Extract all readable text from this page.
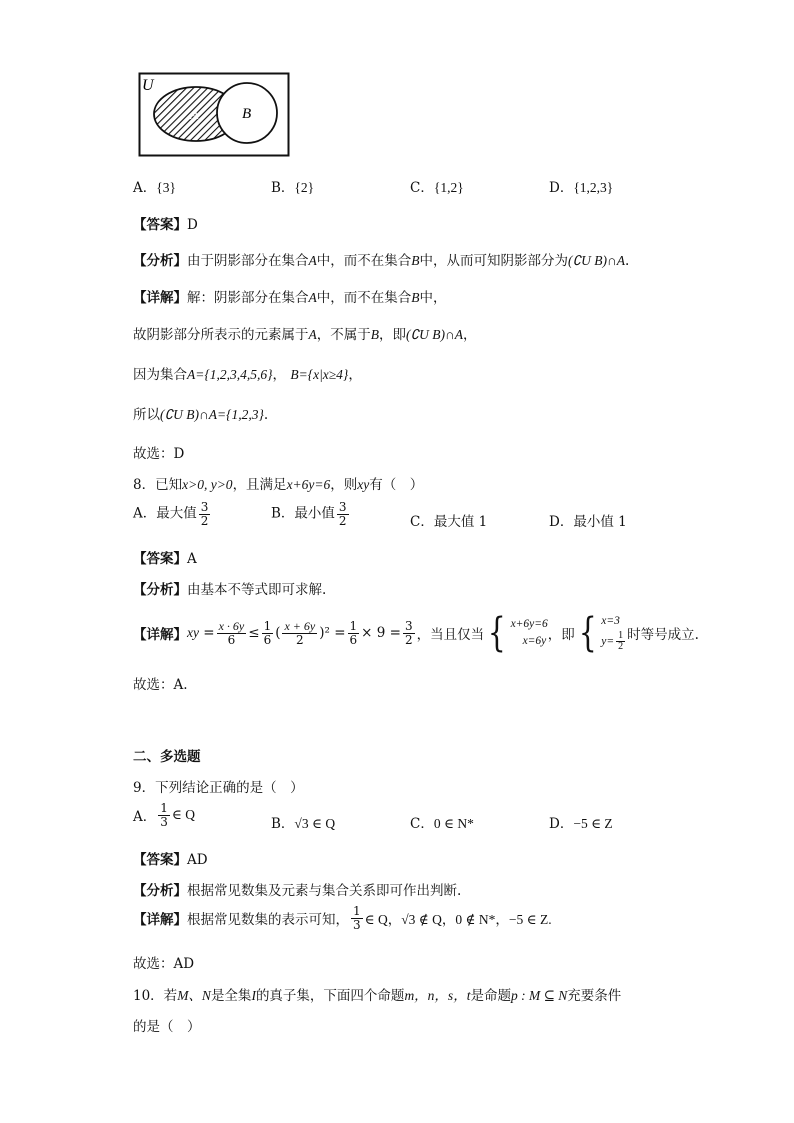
U
A	B
A．{3}	B．{2}	C．{1,2}	D．{1,2,3}
【答案】D
【分析】由于阴影部分在集合A中，而不在集合B中，从而可知阴影部分为(∁U B)∩A.
【详解】解：阴影部分在集合A中，而不在集合B中，
故阴影部分所表示的元素属于A，不属于B，即(∁U B)∩A，
因为集合A={1,2,3,4,5,6}， B={x|x≥4}，
所以(∁U B)∩A={1,2,3}.
故选：D
8．已知x>0, y>0，且满足x+6y=6，则xy有（　）
A．最大值 $\frac{3}{2}$	B．最小值 $\frac{3}{2}$	C．最大值 1	D．最小值 1
【答案】A
【分析】由基本不等式即可求解.
【详解】 xy = $\frac{x \cdot 6y}{6} \le \frac{1}{6}$ ( $\frac{x + 6y}{2} )^2 = \frac{1}{6} \times 9 = \frac{3}{2}$ ，当且仅当 { x+6y=6
x=6y ，即 { x=3
$y= \frac{1}{2}$ 时等号成立.
故选：A.
二、多选题
9．下列结论正确的是（　）
A． $\frac{1}{3}$ ∈ Q
B．√3 ∈ Q	C．0 ∈ N*	D．−5 ∈ Z
【答案】AD
【分析】根据常见数集及元素与集合关系即可作出判断.
【详解】 根据常见数集的表示可知， $\frac{1}{3}$ ∈ Q，√3 ∉ Q，0 ∉ N*，−5 ∈ Z.
故选：AD
10．若M、N是全集I的真子集，下面四个命题m，n，s，t是命题p : M ⊆ N充要条件
的是（　）
